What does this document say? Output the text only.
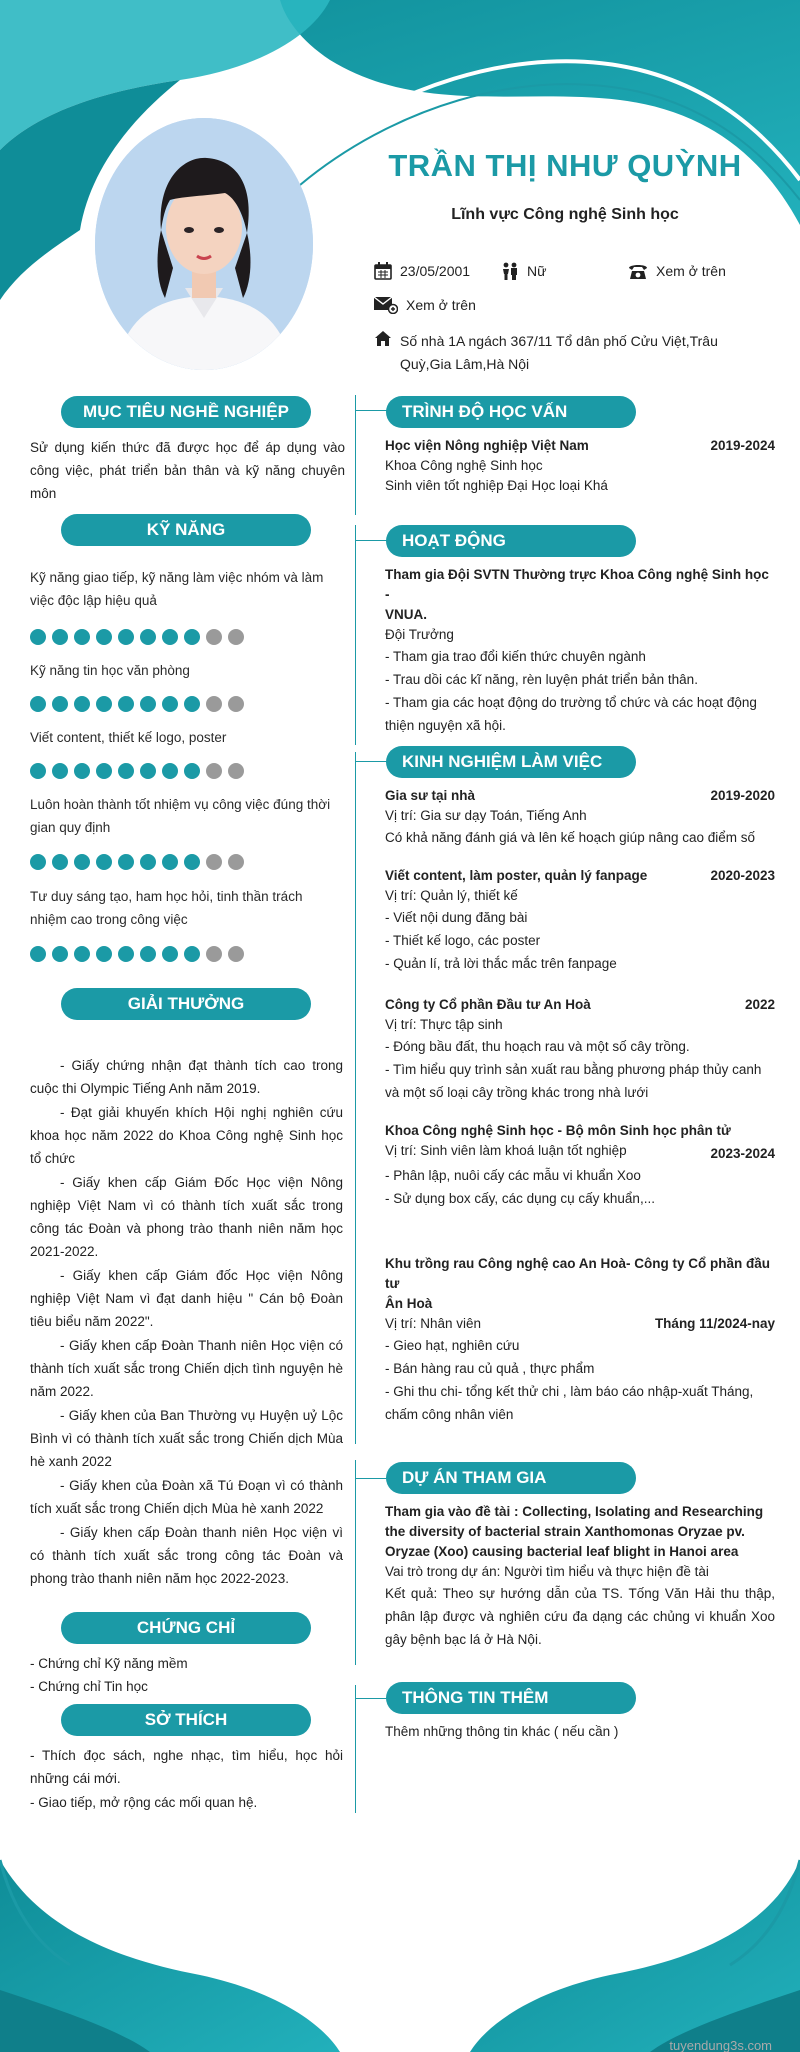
TRẦN THỊ NHƯ QUỲNH
Lĩnh vực Công nghệ Sinh học
23/05/2001	Nữ	Xem ở trên
Xem ở trên
Số nhà 1A ngách 367/11 Tổ dân phố Cửu Việt,Trâu
Quỳ,Gia Lâm,Hà Nội
MỤC TIÊU NGHỀ NGHIỆP
Sử dụng kiến thức đã được học để áp dụng vào công việc, phát triển bản thân và kỹ năng chuyên môn
KỸ NĂNG
Kỹ năng giao tiếp, kỹ năng làm việc nhóm và làm việc độc lập hiệu quả
Kỹ năng tin học văn phòng
Viết content, thiết kế logo, poster
Luôn hoàn thành tốt nhiệm vụ công việc đúng thời gian quy định
Tư duy sáng tạo, ham học hỏi, tinh thần trách nhiệm cao trong công việc
GIẢI THƯỞNG

- Giấy chứng nhận đạt thành tích cao trong cuộc thi Olympic Tiếng Anh năm 2019.

- Đạt giải khuyến khích Hội nghị nghiên cứu khoa học năm 2022 do Khoa Công nghệ Sinh học tổ chức

- Giấy khen cấp Giám Đốc Học viện Nông nghiệp Việt Nam vì có thành tích xuất sắc trong công tác Đoàn và phong trào thanh niên năm học 2021-2022.

- Giấy khen cấp Giám đốc Học viện Nông nghiệp Việt Nam vì đạt danh hiệu " Cán bộ Đoàn tiêu biểu năm 2022".

- Giấy khen cấp Đoàn Thanh niên Học viện có thành tích xuất sắc trong Chiến dịch tình nguyện hè năm 2022.

- Giấy khen của Ban Thường vụ Huyện uỷ Lộc Bình vì có thành tích xuất sắc trong Chiến dịch Mùa hè xanh 2022

- Giấy khen của Đoàn xã Tú Đoạn vì có thành tích xuất sắc trong Chiến dịch Mùa hè xanh 2022

- Giấy khen cấp Đoàn thanh niên Học viện vì có thành tích xuất sắc trong công tác Đoàn và phong trào thanh niên năm học 2022-2023.

CHỨNG CHỈ
- Chứng chỉ Kỹ năng mềm
- Chứng chỉ Tin học
SỞ THÍCH
- Thích đọc sách, nghe nhạc, tìm hiểu, học hỏi những cái mới.
- Giao tiếp, mở rộng các mối quan hệ.
TRÌNH ĐỘ HỌC VẤN
Học viện Nông nghiệp Việt Nam	2019-2024
Khoa Công nghệ Sinh học
Sinh viên tốt nghiệp Đại Học loại Khá
HOẠT ĐỘNG
Tham gia Đội SVTN Thường trực Khoa Công nghệ Sinh học -
VNUA.
Đội Trưởng
- Tham gia trao đổi kiến thức chuyên ngành
- Trau dồi các kĩ năng, rèn luyện phát triển bản thân.
- Tham gia các hoạt động do trường tổ chức và các hoạt động thiện nguyện xã hội.
KINH NGHIỆM LÀM VIỆC
Gia sư tại nhà	2019-2020
Vị trí: Gia sư dạy Toán, Tiếng Anh
Có khả năng đánh giá và lên kế hoạch giúp nâng cao điểm số
Viết content, làm poster, quản lý fanpage	2020-2023
Vị trí: Quản lý, thiết kế
- Viết nội dung đăng bài
- Thiết kế logo, các poster
- Quản lí, trả lời thắc mắc trên fanpage
Công ty Cổ phần Đầu tư An Hoà	2022
Vị trí: Thực tập sinh
- Đóng bầu đất, thu hoạch rau và một số cây trồng.
- Tìm hiểu quy trình sản xuất rau bằng phương pháp thủy canh và một số loại cây trồng khác trong nhà lưới
Khoa Công nghệ Sinh học - Bộ môn Sinh học phân tử
Vị trí: Sinh viên làm khoá luận tốt nghiệp	2023-2024
- Phân lập, nuôi cấy các mẫu vi khuẩn Xoo
- Sử dụng box cấy, các dụng cụ cấy khuẩn,...
Khu trồng rau Công nghệ cao An Hoà- Công ty Cổ phần đầu tư
Ân Hoà
Vị trí: Nhân viên	Tháng 11/2024-nay
- Gieo hạt, nghiên cứu
- Bán hàng rau củ quả , thực phẩm
- Ghi thu chi- tổng kết thử chi , làm báo cáo nhập-xuất Tháng, chấm công nhân viên
DỰ ÁN THAM GIA
Tham gia vào đề tài : Collecting, Isolating and Researching
the diversity of bacterial strain Xanthomonas Oryzae pv.
Oryzae (Xoo) causing bacterial leaf blight in Hanoi area
Vai trò trong dự án: Người tìm hiểu và thực hiện đề tài
Kết quả: Theo sự hướng dẫn của TS. Tống Văn Hải thu thập, phân lập được và nghiên cứu đa dạng các chủng vi khuẩn Xoo gây bệnh bạc lá ở Hà Nội.
THÔNG TIN THÊM
Thêm những thông tin khác ( nếu cần )
tuyendung3s.com
